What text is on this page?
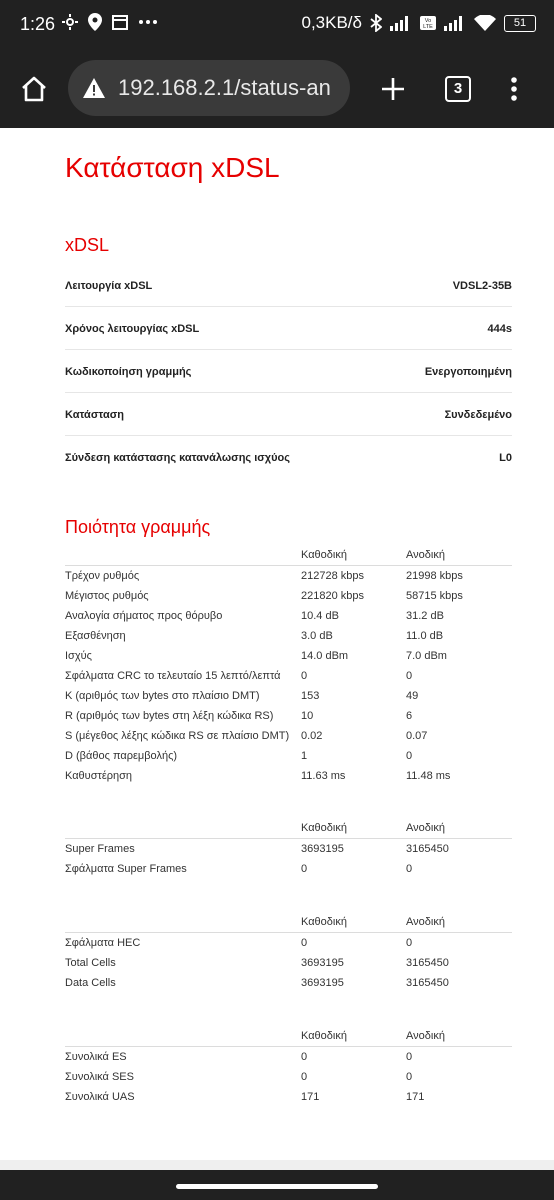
1:26	0,3KB/δ	Vo
LTE	51
192.168.2.1/status-an	3
Κατάσταση xDSL
xDSL
Λειτουργία xDSL	VDSL2-35B
Χρόνος λειτουργίας xDSL	444s
Κωδικοποίηση γραμμής	Ενεργοποιημένη
Κατάσταση	Συνδεδεμένο
Σύνδεση κατάστασης κατανάλωσης ισχύος	L0
Ποιότητα γραμμής
	Καθοδική	Ανοδική
Τρέχον ρυθμός	212728 kbps	21998 kbps
Μέγιστος ρυθμός	221820 kbps	58715 kbps
Αναλογία σήματος προς θόρυβο	10.4 dB	31.2 dB
Εξασθένηση	3.0 dB	11.0 dB
Ισχύς	14.0 dBm	7.0 dBm
Σφάλματα CRC το τελευταίο 15 λεπτό/λεπτά	0	0
K (αριθμός των bytes στο πλαίσιο DMT)	153	49
R (αριθμός των bytes στη λέξη κώδικα RS)	10	6
S (μέγεθος λέξης κώδικα RS σε πλαίσιο DMT)	0.02	0.07
D (βάθος παρεμβολής)	1	0
Καθυστέρηση	11.63 ms	11.48 ms
	Καθοδική	Ανοδική
Super Frames	3693195	3165450
Σφάλματα Super Frames	0	0
	Καθοδική	Ανοδική
Σφάλματα HEC	0	0
Total Cells	3693195	3165450
Data Cells	3693195	3165450
	Καθοδική	Ανοδική
Συνολικά ES	0	0
Συνολικά SES	0	0
Συνολικά UAS	171	171
